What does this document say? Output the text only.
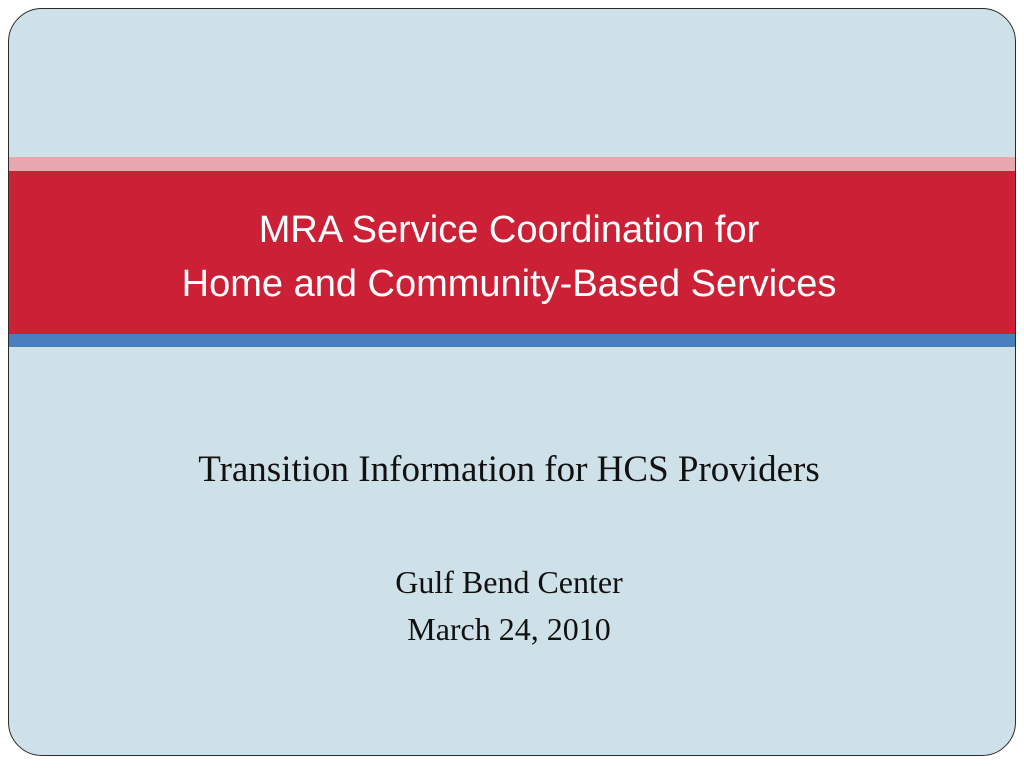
MRA Service Coordination for
Home and Community-Based Services
Transition Information for HCS Providers
Gulf Bend Center
March 24, 2010
